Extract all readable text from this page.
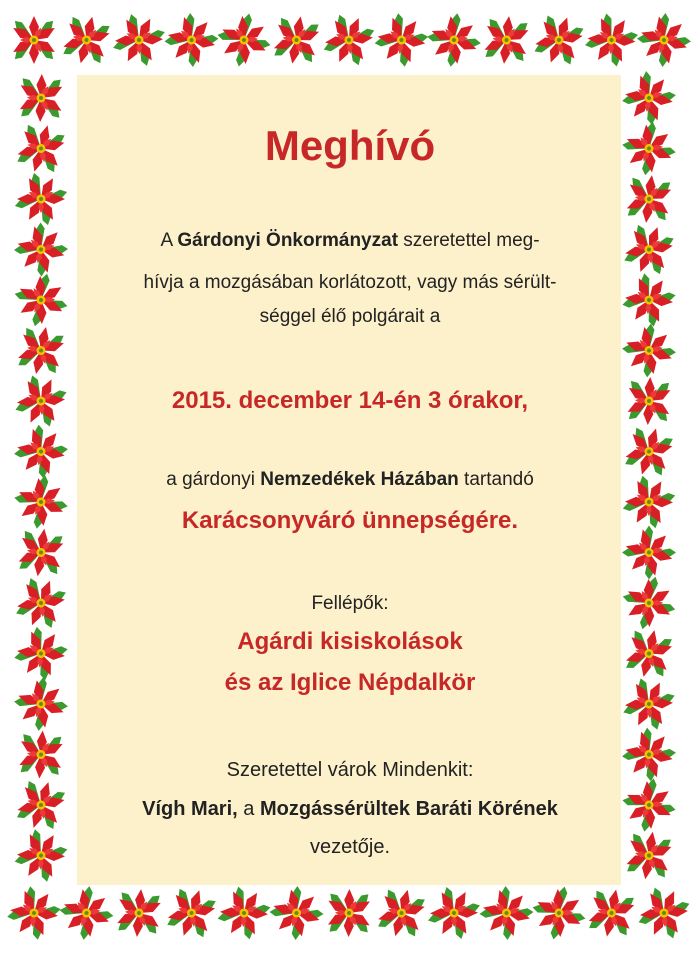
Meghívó
A Gárdonyi Önkormányzat szeretettel meg-
hívja a mozgásában korlátozott, vagy más sérült-
séggel élő polgárait a
2015. december 14-én 3 órakor,
a gárdonyi Nemzedékek Házában tartandó
Karácsonyváró ünnepségére.
Fellépők:
Agárdi kisiskolások
és az Iglice Népdalkör
Szeretettel várok Mindenkit:
Vígh Mari, a Mozgássérültek Baráti Körének
vezetője.
